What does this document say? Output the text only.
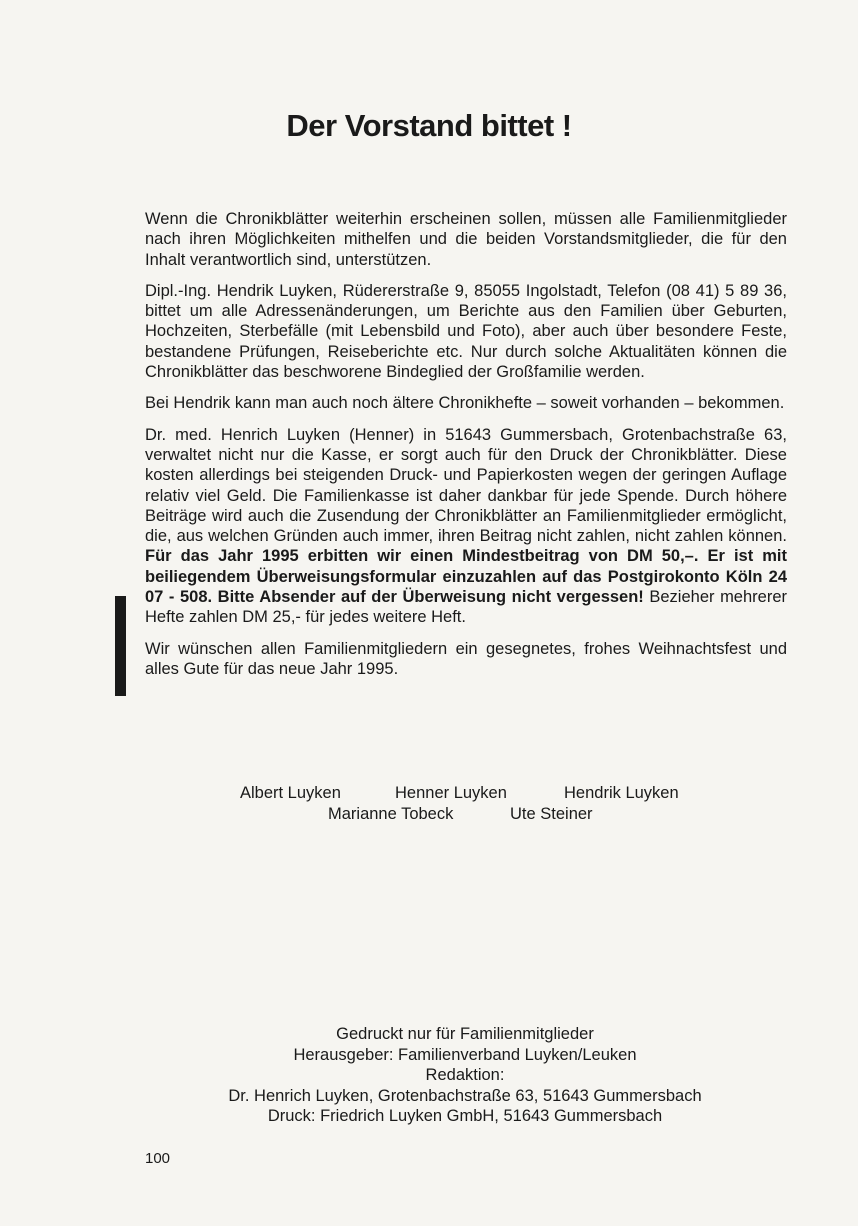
Der Vorstand bittet !

Wenn die Chronikblätter weiterhin erscheinen sollen, müssen alle Familienmitglieder nach ihren Möglichkeiten mithelfen und die beiden Vorstandsmitglieder, die für den Inhalt verantwortlich sind, unterstützen.

Dipl.-Ing. Hendrik Luyken, Rüdererstraße 9, 85055 Ingolstadt, Telefon (08 41) 5 89 36, bittet um alle Adressenänderungen, um Berichte aus den Familien über Geburten, Hochzeiten, Sterbefälle (mit Lebensbild und Foto), aber auch über besondere Feste, bestandene Prüfungen, Reiseberichte etc. Nur durch solche Aktualitäten können die Chronikblätter das beschworene Bindeglied der Großfamilie werden.

Bei Hendrik kann man auch noch ältere Chronikhefte – soweit vorhanden – bekommen.

Dr. med. Henrich Luyken (Henner) in 51643 Gummersbach, Grotenbachstraße 63, verwaltet nicht nur die Kasse, er sorgt auch für den Druck der Chronikblätter. Diese kosten allerdings bei steigenden Druck- und Papierkosten wegen der geringen Auflage relativ viel Geld. Die Familienkasse ist daher dankbar für jede Spende. Durch höhere Beiträge wird auch die Zusendung der Chronikblätter an Familienmitglieder ermöglicht, die, aus welchen Gründen auch immer, ihren Beitrag nicht zahlen, nicht zahlen können. Für das Jahr 1995 erbitten wir einen Mindestbeitrag von DM 50,–. Er ist mit beiliegendem Überweisungsformular einzuzahlen auf das Postgirokonto Köln 24 07 - 508. Bitte Absender auf der Überweisung nicht vergessen! Bezieher mehrerer Hefte zahlen DM 25,- für jedes weitere Heft.

Wir wünschen allen Familienmitgliedern ein gesegnetes, frohes Weihnachtsfest und alles Gute für das neue Jahr 1995.

Albert Luyken	Henner Luyken	Hendrik Luyken
Marianne Tobeck	Ute Steiner
Gedruckt nur für Familienmitglieder
Herausgeber: Familienverband Luyken/Leuken
Redaktion:
Dr. Henrich Luyken, Grotenbachstraße 63, 51643 Gummersbach
Druck: Friedrich Luyken GmbH, 51643 Gummersbach
100
